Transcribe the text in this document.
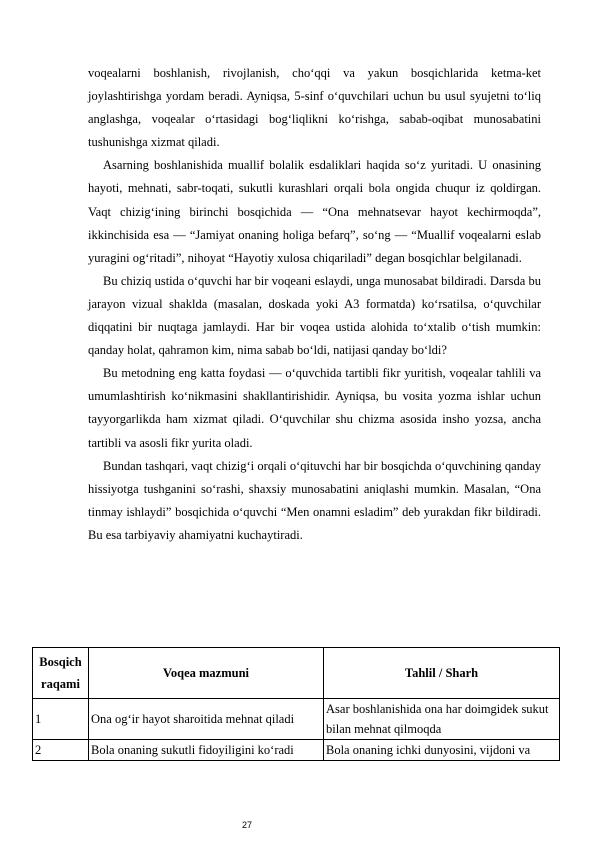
voqealarni boshlanish, rivojlanish, cho‘qqi va yakun bosqichlarida ketma-ket joylashtirishga yordam beradi. Ayniqsa, 5-sinf o‘quvchilari uchun bu usul syujetni to‘liq anglashga, voqealar o‘rtasidagi bog‘liqlikni ko‘rishga, sabab-oqibat munosabatini tushunishga xizmat qiladi.

Asarning boshlanishida muallif bolalik esdaliklari haqida so‘z yuritadi. U onasining hayoti, mehnati, sabr-toqati, sukutli kurashlari orqali bola ongida chuqur iz qoldirgan. Vaqt chizig‘ining birinchi bosqichida — “Ona mehnatsevar hayot kechirmoqda”, ikkinchisida esa — “Jamiyat onaning holiga befarq”, so‘ng — “Muallif voqealarni eslab yuragini og‘ritadi”, nihoyat “Hayotiy xulosa chiqariladi” degan bosqichlar belgilanadi.

Bu chiziq ustida o‘quvchi har bir voqeani eslaydi, unga munosabat bildiradi. Darsda bu jarayon vizual shaklda (masalan, doskada yoki A3 formatda) ko‘rsatilsa, o‘quvchilar diqqatini bir nuqtaga jamlaydi. Har bir voqea ustida alohida to‘xtalib o‘tish mumkin: qanday holat, qahramon kim, nima sabab bo‘ldi, natijasi qanday bo‘ldi?

Bu metodning eng katta foydasi — o‘quvchida tartibli fikr yuritish, voqealar tahlili va umumlashtirish ko‘nikmasini shakllantirishidir. Ayniqsa, bu vosita yozma ishlar uchun tayyorgarlikda ham xizmat qiladi. O‘quvchilar shu chizma asosida insho yozsa, ancha tartibli va asosli fikr yurita oladi.

Bundan tashqari, vaqt chizig‘i orqali o‘qituvchi har bir bosqichda o‘quvchining qanday hissiyotga tushganini so‘rashi, shaxsiy munosabatini aniqlashi mumkin. Masalan, “Ona tinmay ishlaydi” bosqichida o‘quvchi “Men onamni esladim” deb yurakdan fikr bildiradi. Bu esa tarbiyaviy ahamiyatni kuchaytiradi.

Bosqich raqami	Voqea mazmuni	Tahlil / Sharh
1	Ona og‘ir hayot sharoitida mehnat qiladi	Asar boshlanishida ona har doimgidek sukut bilan mehnat qilmoqda
2	Bola onaning sukutli fidoyiligini ko‘radi	Bola onaning ichki dunyosini, vijdoni va
27
